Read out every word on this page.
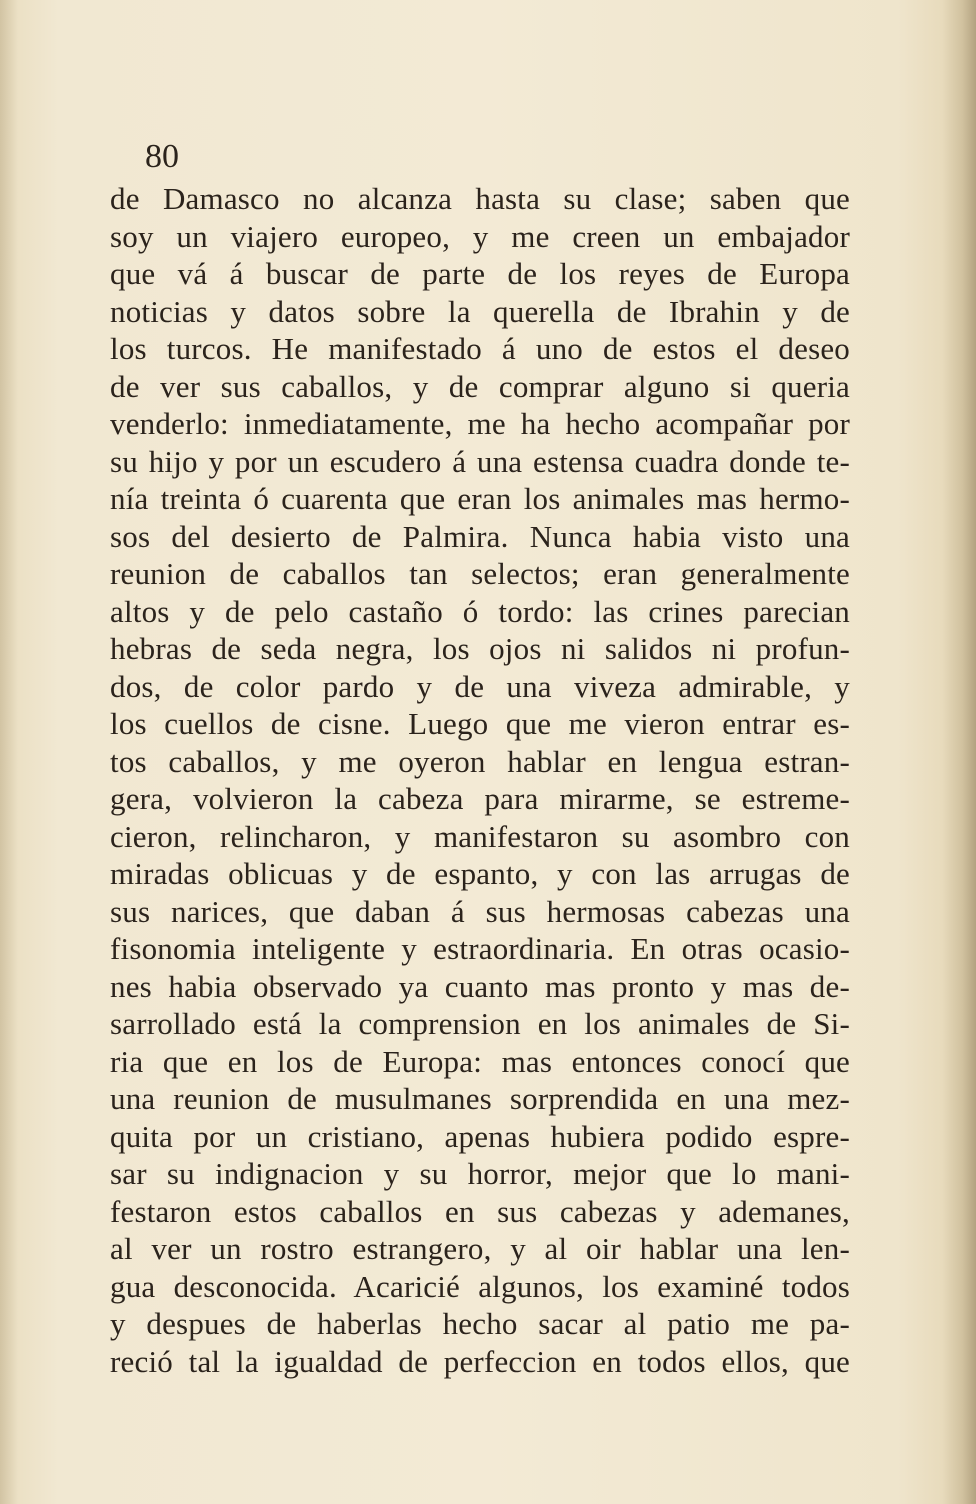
80
de Damasco no alcanza hasta su clase; saben que
soy un viajero europeo, y me creen un embajador
que vá á buscar de parte de los reyes de Europa
noticias y datos sobre la querella de Ibrahin y de
los turcos. He manifestado á uno de estos el deseo
de ver sus caballos, y de comprar alguno si queria
venderlo: inmediatamente, me ha hecho acompañar por
su hijo y por un escudero á una estensa cuadra donde te-
nía treinta ó cuarenta que eran los animales mas hermo-
sos del desierto de Palmira. Nunca habia visto una
reunion de caballos tan selectos; eran generalmente
altos y de pelo castaño ó tordo: las crines parecian
hebras de seda negra, los ojos ni salidos ni profun-
dos, de color pardo y de una viveza admirable, y
los cuellos de cisne. Luego que me vieron entrar es-
tos caballos, y me oyeron hablar en lengua estran-
gera, volvieron la cabeza para mirarme, se estreme-
cieron, relincharon, y manifestaron su asombro con
miradas oblicuas y de espanto, y con las arrugas de
sus narices, que daban á sus hermosas cabezas una
fisonomia inteligente y estraordinaria. En otras ocasio-
nes habia observado ya cuanto mas pronto y mas de-
sarrollado está la comprension en los animales de Si-
ria que en los de Europa: mas entonces conocí que
una reunion de musulmanes sorprendida en una mez-
quita por un cristiano, apenas hubiera podido espre-
sar su indignacion y su horror, mejor que lo mani-
festaron estos caballos en sus cabezas y ademanes,
al ver un rostro estrangero, y al oir hablar una len-
gua desconocida. Acaricié algunos, los examiné todos
y despues de haberlas hecho sacar al patio me pa-
reció tal la igualdad de perfeccion en todos ellos, que
